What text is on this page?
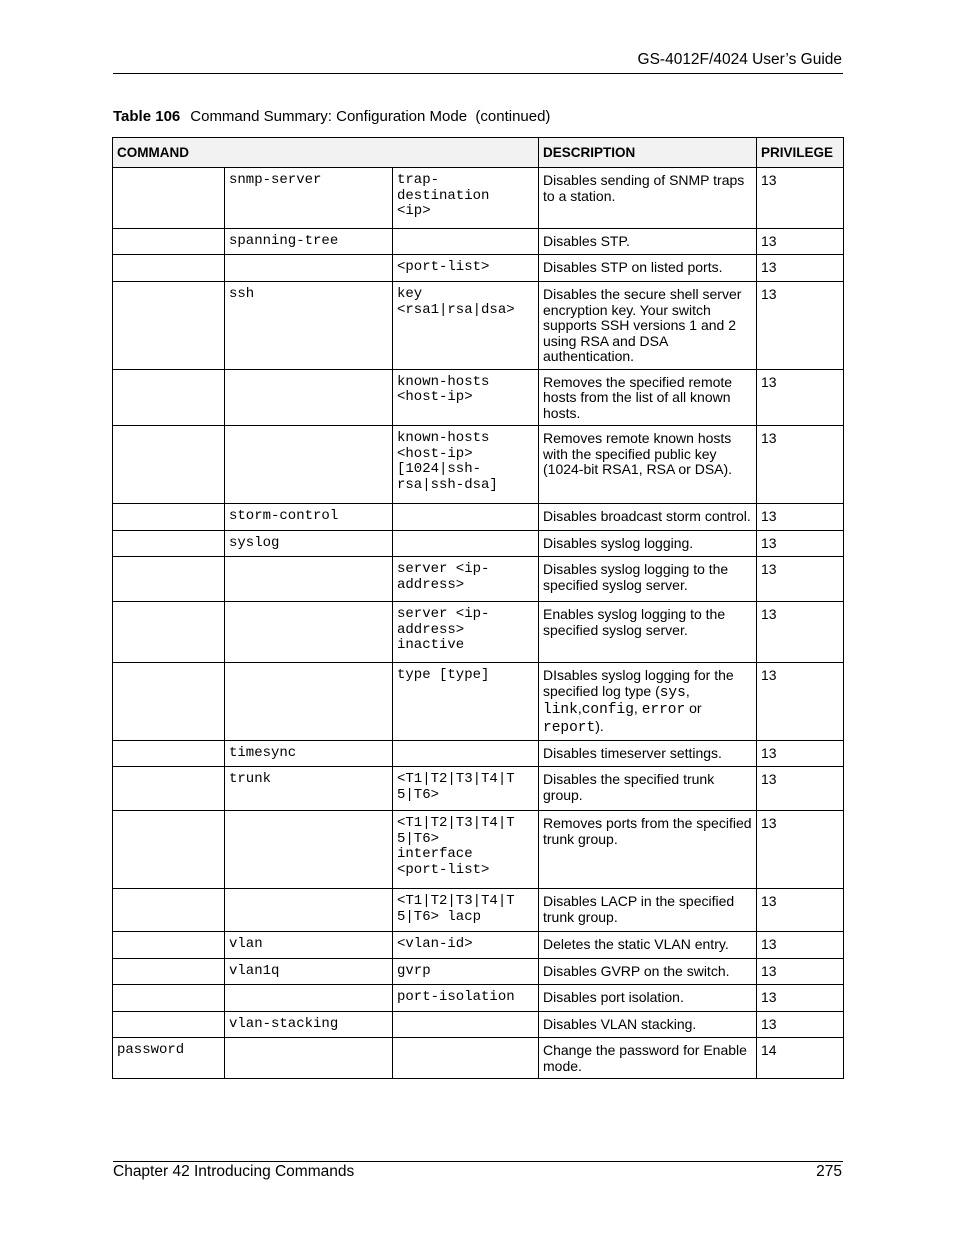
GS-4012F/4024 User’s Guide
Table 106 Command Summary: Configuration Mode  (continued)
COMMAND			DESCRIPTION	PRIVILEGE
	snmp-server	trap-
destination
<ip>	Disables sending of SNMP traps to a station.	13
	spanning-tree		Disables STP.	13
		<port-list>	Disables STP on listed ports.	13
	ssh	key
<rsa1|rsa|dsa>	Disables the secure shell server encryption key. Your switch supports SSH versions 1 and 2 using RSA and DSA authentication.	13
		known-hosts
<host-ip>	Removes the specified remote hosts from the list of all known hosts.	13
		known-hosts
<host-ip>
[1024|ssh-
rsa|ssh-dsa]	Removes remote known hosts with the specified public key (1024-bit RSA1, RSA or DSA).	13
	storm-control		Disables broadcast storm control.	13
	syslog		Disables syslog logging.	13
		server <ip-
address>	Disables syslog logging to the specified syslog server.	13
		server <ip-
address>
inactive	Enables syslog logging to the specified syslog server.	13
		type [type]	DIsables syslog logging for the specified log type (sys, link,config, error or report).	13
	timesync		Disables timeserver settings.	13
	trunk	<T1|T2|T3|T4|T
5|T6>	Disables the specified trunk group.	13
		<T1|T2|T3|T4|T
5|T6>
interface
<port-list>	Removes ports from the specified trunk group.	13
		<T1|T2|T3|T4|T
5|T6> lacp	Disables LACP in the specified trunk group.	13
	vlan	<vlan-id>	Deletes the static VLAN entry.	13
	vlan1q	gvrp	Disables GVRP on the switch.	13
		port-isolation	Disables port isolation.	13
	vlan-stacking		Disables VLAN stacking.	13
password			Change the password for Enable mode.	14
Chapter 42 Introducing Commands	275
